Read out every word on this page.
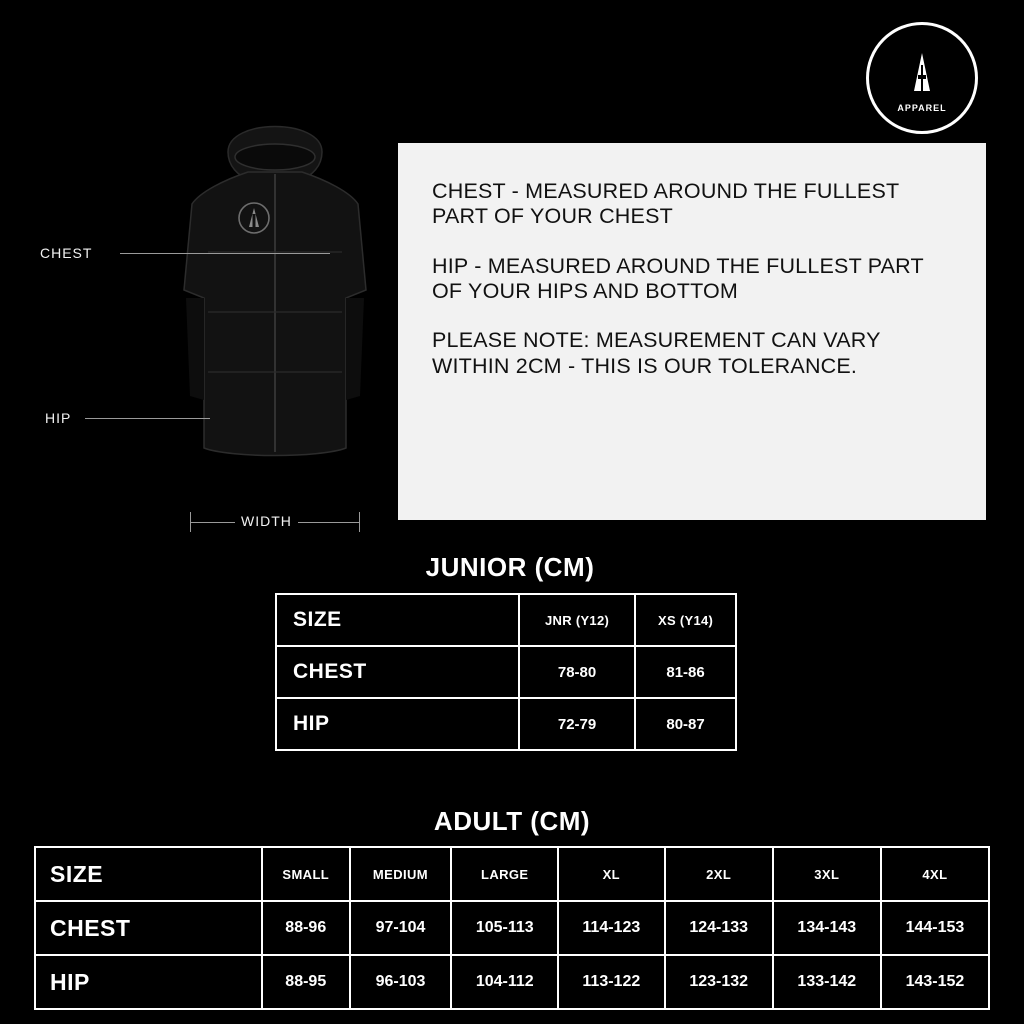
APPAREL
CHEST
HIP
WIDTH

CHEST - MEASURED AROUND THE FULLEST PART OF YOUR CHEST

HIP - MEASURED AROUND THE FULLEST PART OF YOUR HIPS AND BOTTOM

PLEASE NOTE: MEASUREMENT CAN VARY WITHIN 2CM - THIS IS OUR TOLERANCE.

JUNIOR (CM)
SIZE	JNR (Y12)	XS (Y14)
CHEST	78-80	81-86
HIP	72-79	80-87
ADULT (CM)
SIZE	SMALL	MEDIUM	LARGE	XL	2XL	3XL	4XL
CHEST	88-96	97-104	105-113	114-123	124-133	134-143	144-153
HIP	88-95	96-103	104-112	113-122	123-132	133-142	143-152
